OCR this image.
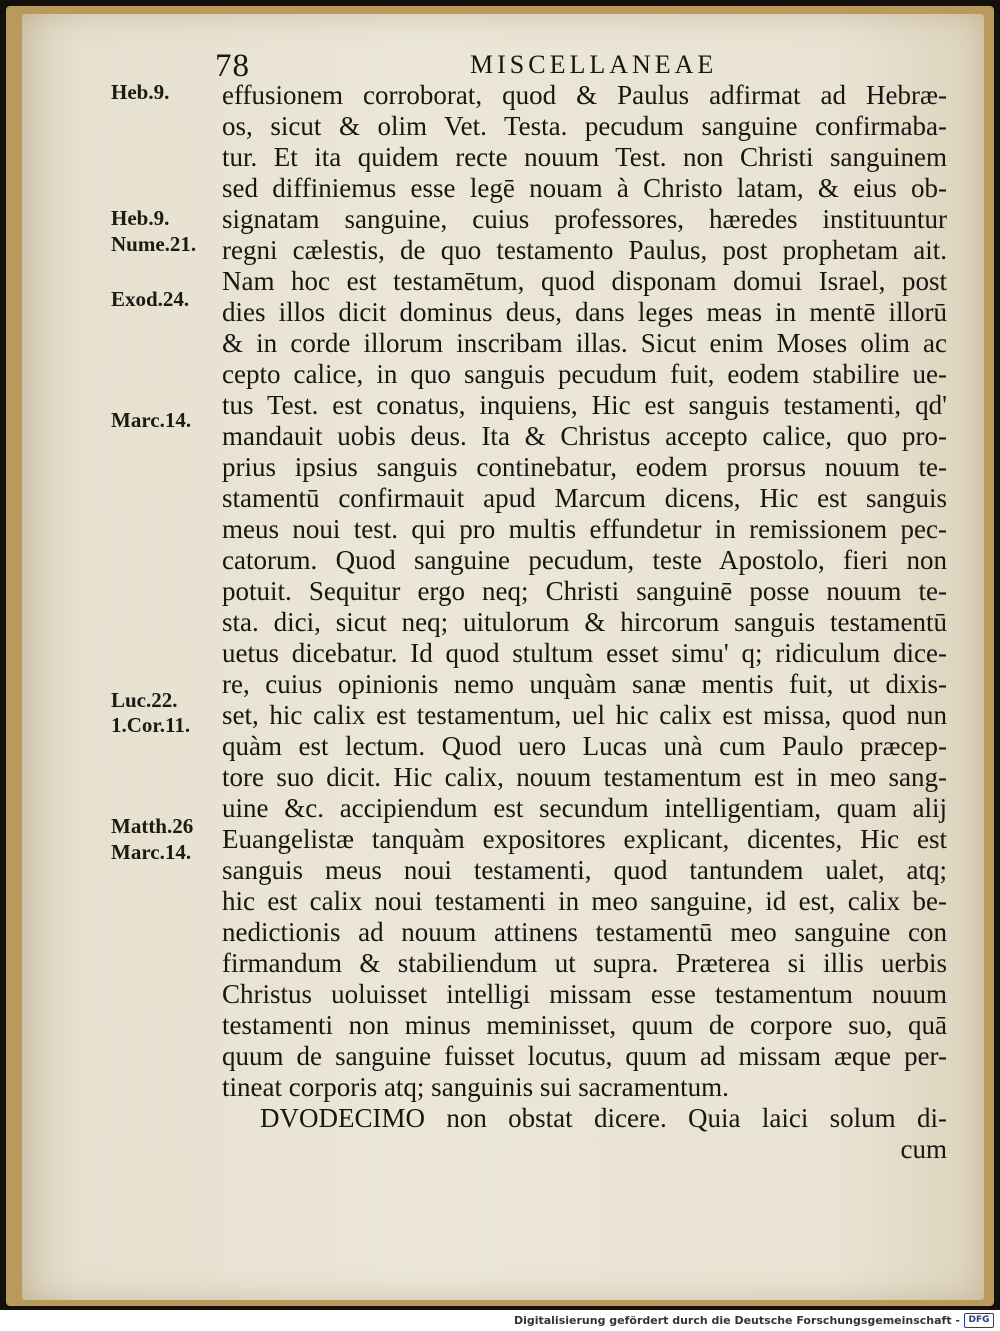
78	MISCELLANEAE
Heb.9.
Heb.9.
Nume.21.
Exod.24.
Marc.14.
Luc.22.
1.Cor.11.
Matth.26
Marc.14.
effusionem corroborat, quod & Paulus adfirmat ad Hebræ-
os, sicut & olim Vet. Testa. pecudum sanguine confirmaba-
tur. Et ita quidem recte nouum Test. non Christi sanguinem
sed diffiniemus esse legē nouam à Christo latam, & eius ob-
signatam sanguine, cuius professores, hæredes instituuntur
regni cælestis, de quo testamento Paulus, post prophetam ait.
Nam hoc est testamētum, quod disponam domui Israel, post
dies illos dicit dominus deus, dans leges meas in mentē illorū
& in corde illorum inscribam illas. Sicut enim Moses olim ac
cepto calice, in quo sanguis pecudum fuit, eodem stabilire ue-
tus Test. est conatus, inquiens, Hic est sanguis testamenti, qd'
mandauit uobis deus. Ita & Christus accepto calice, quo pro-
prius ipsius sanguis continebatur, eodem prorsus nouum te-
stamentū confirmauit apud Marcum dicens, Hic est sanguis
meus noui test. qui pro multis effundetur in remissionem pec-
catorum. Quod sanguine pecudum, teste Apostolo, fieri non
potuit. Sequitur ergo neq; Christi sanguinē posse nouum te-
sta. dici, sicut neq; uitulorum & hircorum sanguis testamentū
uetus dicebatur. Id quod stultum esset simu' q; ridiculum dice-
re, cuius opinionis nemo unquàm sanæ mentis fuit, ut dixis-
set, hic calix est testamentum, uel hic calix est missa, quod nun
quàm est lectum. Quod uero Lucas unà cum Paulo præcep-
tore suo dicit. Hic calix, nouum testamentum est in meo sang-
uine &c. accipiendum est secundum intelligentiam, quam alij
Euangelistæ tanquàm expositores explicant, dicentes, Hic est
sanguis meus noui testamenti, quod tantundem ualet, atq;
hic est calix noui testamenti in meo sanguine, id est, calix be-
nedictionis ad nouum attinens testamentū meo sanguine con
firmandum & stabiliendum ut supra. Præterea si illis uerbis
Christus uoluisset intelligi missam esse testamentum nouum
testamenti non minus meminisset, quum de corpore suo, quā
quum de sanguine fuisset locutus, quum ad missam æque per-
tineat corporis atq; sanguinis sui sacramentum.
DVODECIMO non obstat dicere. Quia laici solum di-
cum
Digitalisierung gefördert durch die Deutsche Forschungsgemeinschaft - DFG
